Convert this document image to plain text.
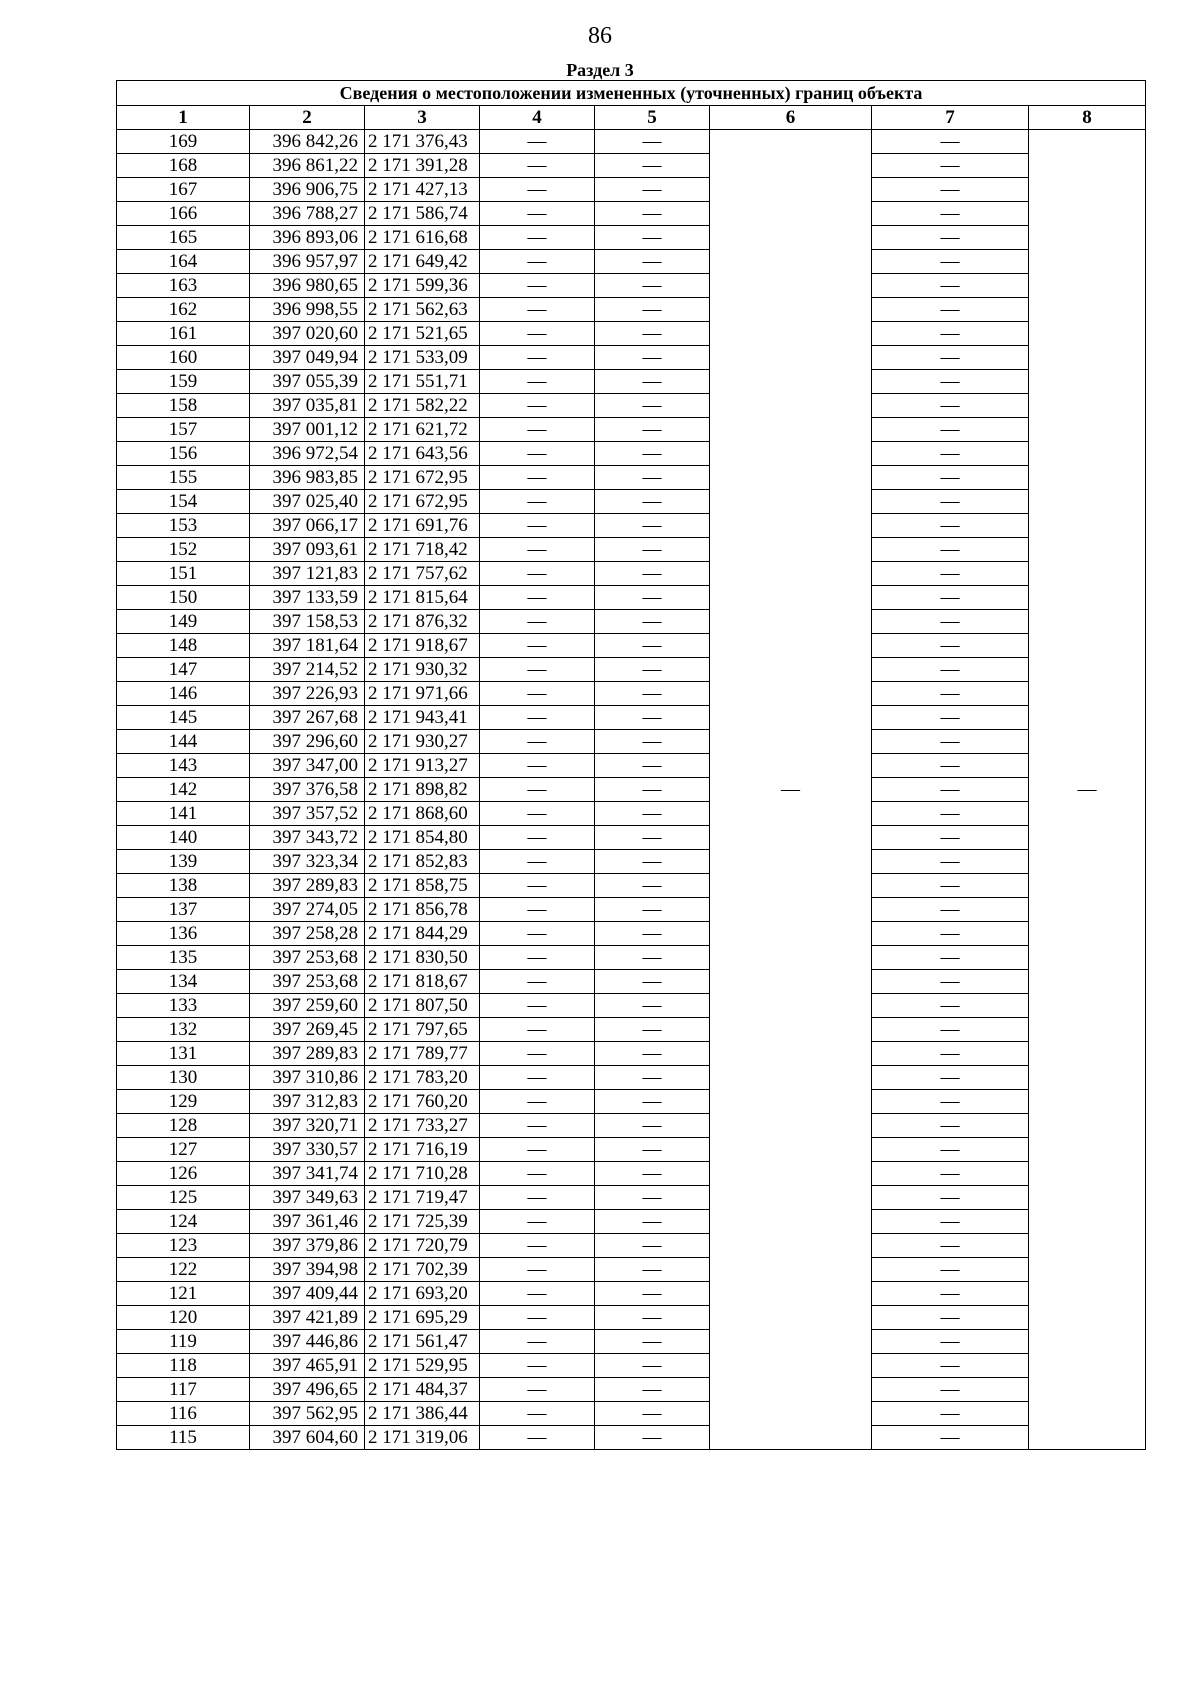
86
Раздел 3
Сведения о местоположении измененных (уточненных) границ объекта							
1	2	3	4	5	6	7	8
169	396 842,26	2 171 376,43	—	—	—	—	—
168	396 861,22	2 171 391,28	—	—		—	
167	396 906,75	2 171 427,13	—	—		—	
166	396 788,27	2 171 586,74	—	—		—	
165	396 893,06	2 171 616,68	—	—		—	
164	396 957,97	2 171 649,42	—	—		—	
163	396 980,65	2 171 599,36	—	—		—	
162	396 998,55	2 171 562,63	—	—		—	
161	397 020,60	2 171 521,65	—	—		—	
160	397 049,94	2 171 533,09	—	—		—	
159	397 055,39	2 171 551,71	—	—		—	
158	397 035,81	2 171 582,22	—	—		—	
157	397 001,12	2 171 621,72	—	—		—	
156	396 972,54	2 171 643,56	—	—		—	
155	396 983,85	2 171 672,95	—	—		—	
154	397 025,40	2 171 672,95	—	—		—	
153	397 066,17	2 171 691,76	—	—		—	
152	397 093,61	2 171 718,42	—	—		—	
151	397 121,83	2 171 757,62	—	—		—	
150	397 133,59	2 171 815,64	—	—		—	
149	397 158,53	2 171 876,32	—	—		—	
148	397 181,64	2 171 918,67	—	—		—	
147	397 214,52	2 171 930,32	—	—		—	
146	397 226,93	2 171 971,66	—	—		—	
145	397 267,68	2 171 943,41	—	—		—	
144	397 296,60	2 171 930,27	—	—		—	
143	397 347,00	2 171 913,27	—	—		—	
142	397 376,58	2 171 898,82	—	—		—	
141	397 357,52	2 171 868,60	—	—		—	
140	397 343,72	2 171 854,80	—	—		—	
139	397 323,34	2 171 852,83	—	—		—	
138	397 289,83	2 171 858,75	—	—		—	
137	397 274,05	2 171 856,78	—	—		—	
136	397 258,28	2 171 844,29	—	—		—	
135	397 253,68	2 171 830,50	—	—		—	
134	397 253,68	2 171 818,67	—	—		—	
133	397 259,60	2 171 807,50	—	—		—	
132	397 269,45	2 171 797,65	—	—		—	
131	397 289,83	2 171 789,77	—	—		—	
130	397 310,86	2 171 783,20	—	—		—	
129	397 312,83	2 171 760,20	—	—		—	
128	397 320,71	2 171 733,27	—	—		—	
127	397 330,57	2 171 716,19	—	—		—	
126	397 341,74	2 171 710,28	—	—		—	
125	397 349,63	2 171 719,47	—	—		—	
124	397 361,46	2 171 725,39	—	—		—	
123	397 379,86	2 171 720,79	—	—		—	
122	397 394,98	2 171 702,39	—	—		—	
121	397 409,44	2 171 693,20	—	—		—	
120	397 421,89	2 171 695,29	—	—		—	
119	397 446,86	2 171 561,47	—	—		—	
118	397 465,91	2 171 529,95	—	—		—	
117	397 496,65	2 171 484,37	—	—		—	
116	397 562,95	2 171 386,44	—	—		—	
115	397 604,60	2 171 319,06	—	—		—	
